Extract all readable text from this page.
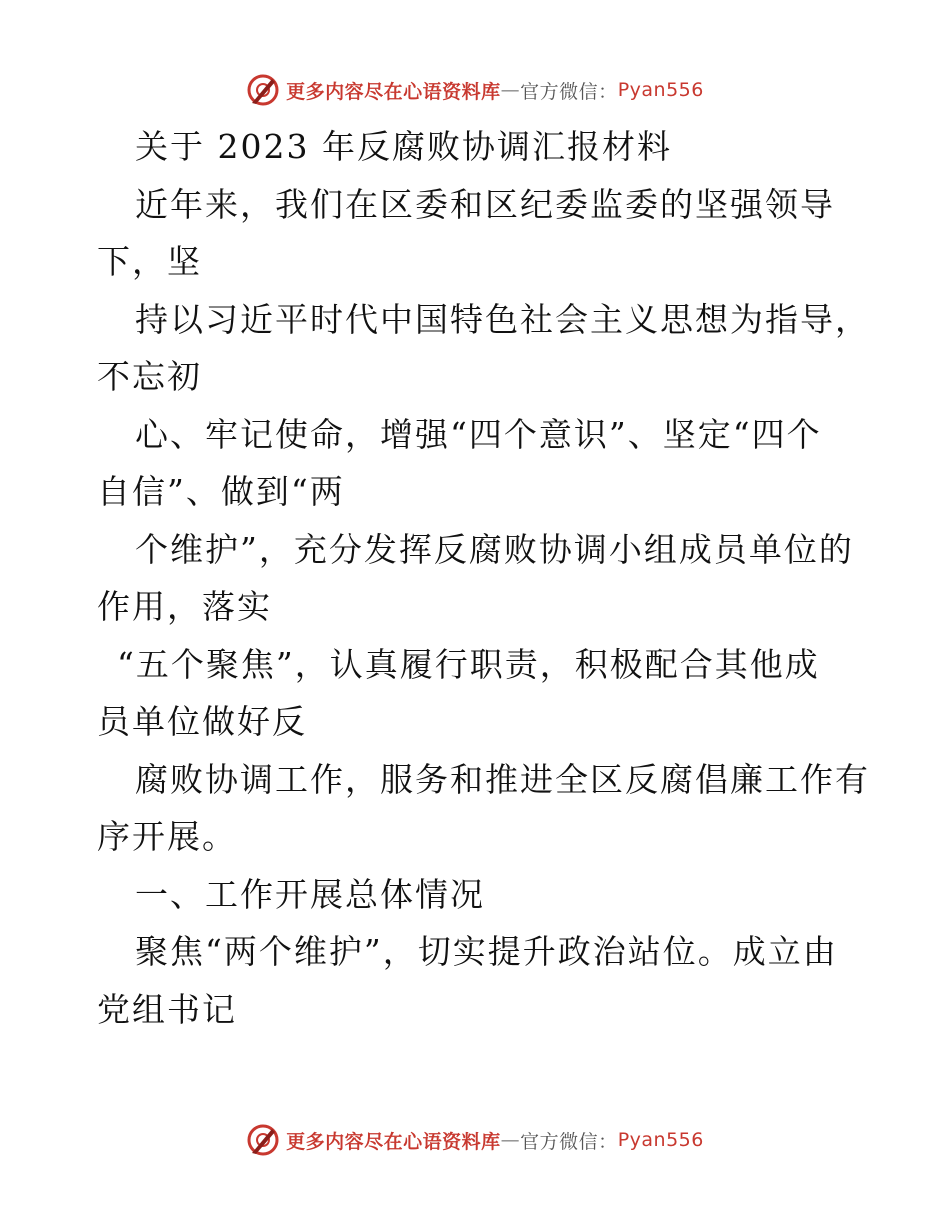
更多内容尽在心语资料库 — 官方微信： Pyan556
关于 2023 年反腐败协调汇报材料
近年来，我们在区委和区纪委监委的坚强领导
下，坚
持以习近平时代中国特色社会主义思想为指导，
不忘初
心、牢记使命，增强“四个意识”、坚定“四个
自信”、做到“两
个维护”，充分发挥反腐败协调小组成员单位的
作用，落实
“五个聚焦”，认真履行职责，积极配合其他成
员单位做好反
腐败协调工作，服务和推进全区反腐倡廉工作有
序开展。
一、工作开展总体情况
聚焦“两个维护”，切实提升政治站位。成立由
党组书记
更多内容尽在心语资料库 — 官方微信： Pyan556
